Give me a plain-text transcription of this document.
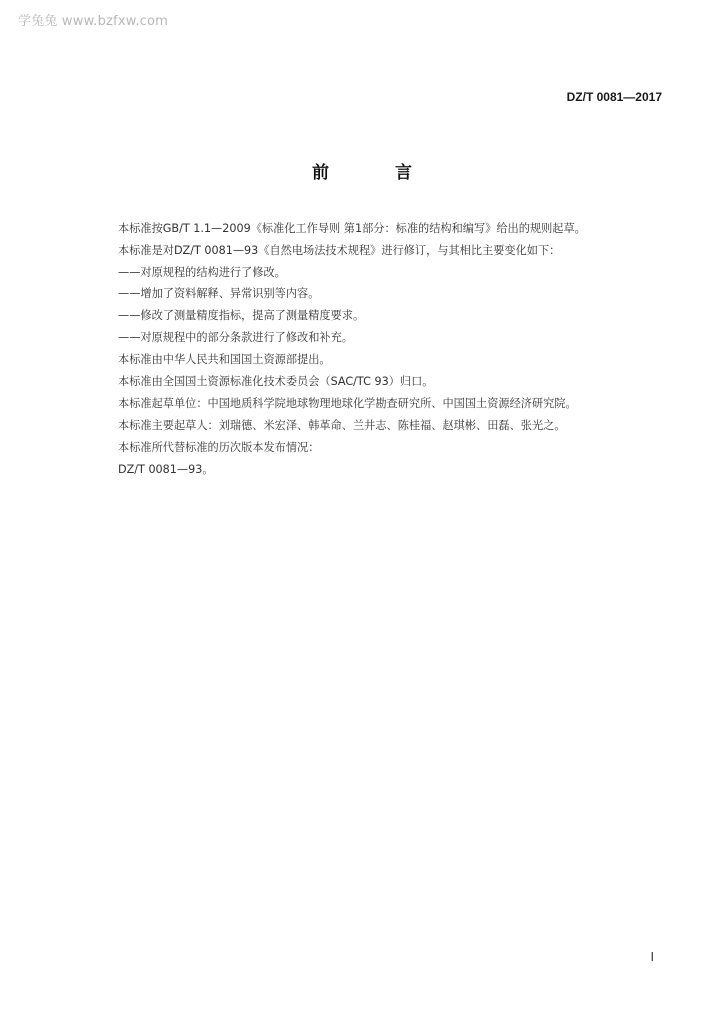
学兔兔 www.bzfxw.com
DZ/T 0081—2017
前 言
本标准按GB/T 1.1—2009《标准化工作导则 第1部分：标准的结构和编写》给出的规则起草。
本标准是对DZ/T 0081—93《自然电场法技术规程》进行修订，与其相比主要变化如下：
——对原规程的结构进行了修改。
——增加了资料解释、异常识别等内容。
——修改了测量精度指标，提高了测量精度要求。
——对原规程中的部分条款进行了修改和补充。
本标准由中华人民共和国国土资源部提出。
本标准由全国国土资源标准化技术委员会（SAC/TC 93）归口。
本标准起草单位：中国地质科学院地球物理地球化学勘查研究所、中国国土资源经济研究院。
本标准主要起草人：刘瑞德、米宏泽、韩革命、兰井志、陈桂福、赵琪彬、田磊、张光之。
本标准所代替标准的历次版本发布情况：
DZ/T 0081—93。
Ⅰ
